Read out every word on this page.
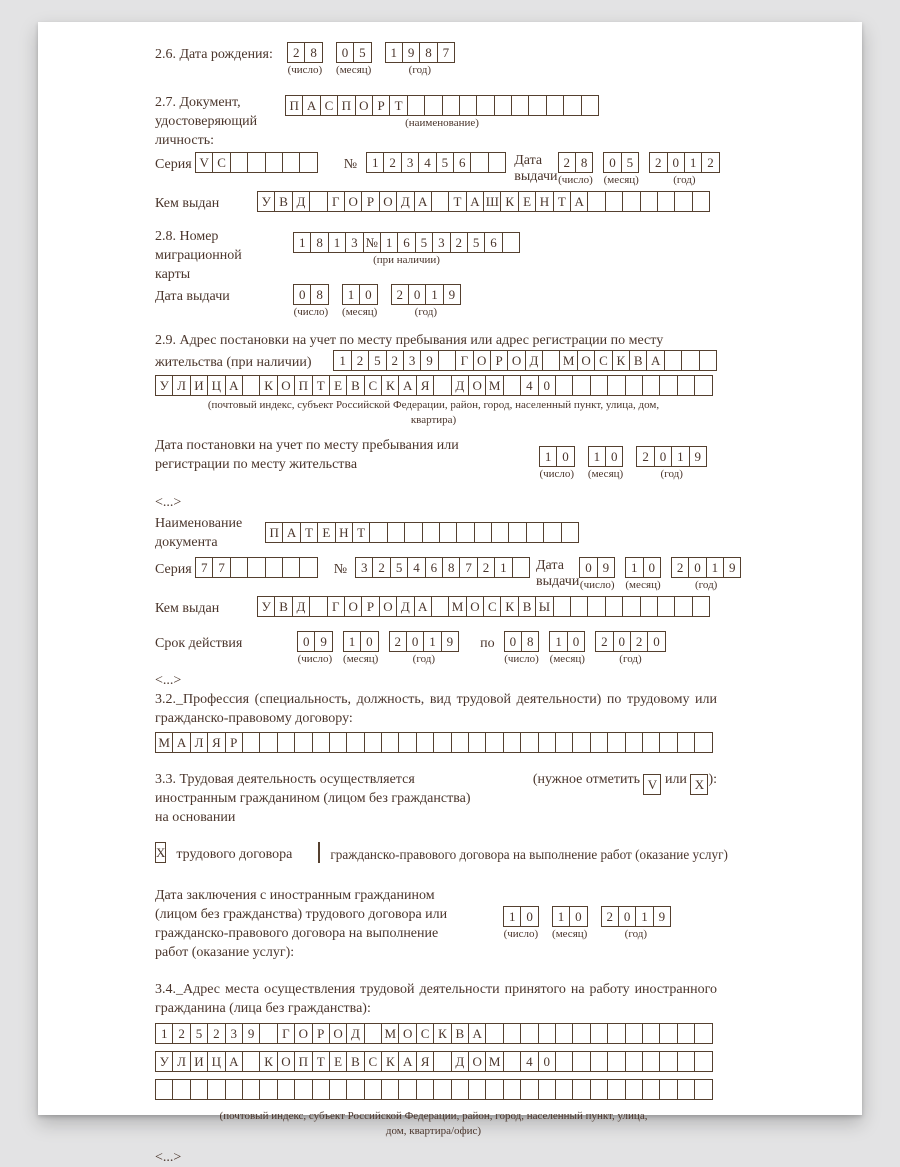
2.6. Дата рождения:	2 8
(число)
0 5
(месяц)
1 9 8 7
(год)
2.7. Документ,
удостоверяющий
личность:
П А С П О Р Т
(наименование)
Серия V C	№	1 2 3 4 5 6	Дата
выдачи
2 8
(число)
0 5
(месяц)
2 0 1 2
(год)
Кем выдан	У В Д	Г О Р О Д А	Т А Ш К Е Н Т А
2.8. Номер
миграционной
карты
1 8 1 3 № 1 6 5 3 2 5 6
(при наличии)
Дата выдачи	0 8
(число)
1 0
(месяц)
2 0 1 9
(год)
2.9. Адрес постановки на учет по месту пребывания или адрес регистрации по месту
жительства (при наличии)	1 2 5 2 3 9	Г О Р О Д	М О С К В А
У Л И Ц А	К О П Т Е В С К А Я	Д О М	4 0
(почтовый индекс, субъект Российской Федерации, район, город, населенный пункт, улица, дом,
квартира)
Дата постановки на учет по месту пребывания или
регистрации по месту жительства
1 0
(число)
1 0
(месяц)
2 0 1 9
(год)
<...>
Наименование
документа
П А Т Е Н Т
Серия 7 7	№	3 2 5 4 6 8 7 2 1	Дата
выдачи
0 9
(число)
1 0
(месяц)
2 0 1 9
(год)
Кем выдан	У В Д	Г О Р О Д А	М О С К В Ы
Срок действия	0 9
(число)
1 0
(месяц)
2 0 1 9
(год)
по	0 8
(число)
1 0
(месяц)
2 0 2 0
(год)
<...>
3.2._Профессия (специальность, должность, вид трудовой деятельности) по трудовому или гражданско-правовому договору:
М А Л Я Р
3.3. Трудовая деятельность осуществляется
иностранным гражданином (лицом без гражданства)
на основании
(нужное отметить V или X ):
X трудового договора	гражданско-правового договора на выполнение работ (оказание услуг)
Дата заключения с иностранным гражданином
(лицом без гражданства) трудового договора или
гражданско-правового договора на выполнение
работ (оказание услуг):
1 0
(число)
1 0
(месяц)
2 0 1 9
(год)
3.4._Адрес места осуществления трудовой деятельности принятого на работу иностранного гражданина (лица без гражданства):
1 2 5 2 3 9	Г О Р О Д	М О С К В А

У Л И Ц А	К О П Т Е В С К А Я	Д О М	4 0

(почтовый индекс, субъект Российской Федерации, район, город, населенный пункт, улица,
дом, квартира/офис)
<...>
